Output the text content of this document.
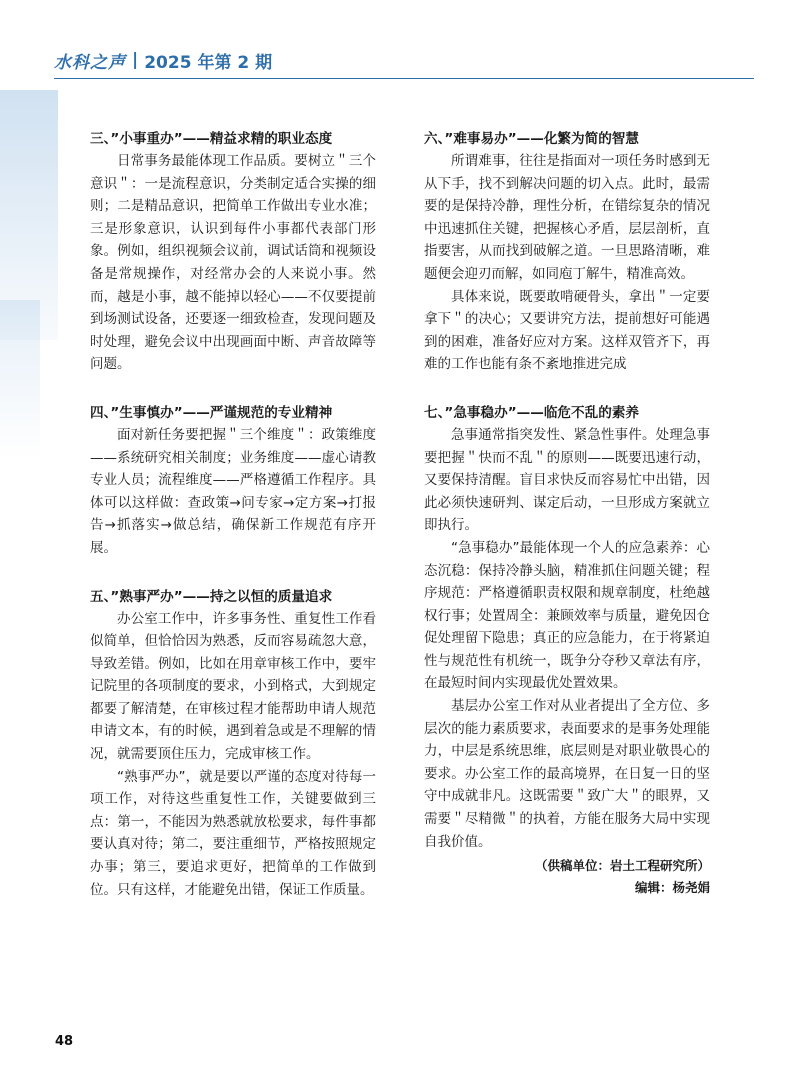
水科之声 | 2025 年第 2 期

三、”小事重办”——精益求精的职业态度

日常事务最能体现工作品质。要树立＂三个意识＂：一是流程意识，分类制定适合实操的细则；二是精品意识，把简单工作做出专业水准；三是形象意识，认识到每件小事都代表部门形象。例如，组织视频会议前，调试话筒和视频设备是常规操作，对经常办会的人来说小事。然而，越是小事，越不能掉以轻心——不仅要提前到场测试设备，还要逐一细致检查，发现问题及时处理，避免会议中出现画面中断、声音故障等问题。

四、”生事慎办”——严谨规范的专业精神

面对新任务要把握＂三个维度＂：政策维度——系统研究相关制度；业务维度——虚心请教专业人员；流程维度——严格遵循工作程序。具体可以这样做：查政策→问专家→定方案→打报告→抓落实→做总结，确保新工作规范有序开展。

五、”熟事严办”——持之以恒的质量追求

办公室工作中，许多事务性、重复性工作看似简单，但恰恰因为熟悉，反而容易疏忽大意，导致差错。例如，比如在用章审核工作中，要牢记院里的各项制度的要求，小到格式，大到规定都要了解清楚，在审核过程才能帮助申请人规范申请文本，有的时候，遇到着急或是不理解的情况，就需要顶住压力，完成审核工作。

“熟事严办”，就是要以严谨的态度对待每一项工作，对待这些重复性工作，关键要做到三点：第一，不能因为熟悉就放松要求，每件事都要认真对待；第二，要注重细节，严格按照规定办事；第三，要追求更好，把简单的工作做到位。只有这样，才能避免出错，保证工作质量。

六、”难事易办”——化繁为简的智慧

所谓难事，往往是指面对一项任务时感到无从下手，找不到解决问题的切入点。此时，最需要的是保持冷静，理性分析，在错综复杂的情况中迅速抓住关键，把握核心矛盾，层层剖析，直指要害，从而找到破解之道。一旦思路清晰，难题便会迎刃而解，如同庖丁解牛，精准高效。

具体来说，既要敢啃硬骨头，拿出＂一定要拿下＂的决心；又要讲究方法，提前想好可能遇到的困难，准备好应对方案。这样双管齐下，再难的工作也能有条不紊地推进完成

七、”急事稳办”——临危不乱的素养

急事通常指突发性、紧急性事件。处理急事要把握＂快而不乱＂的原则——既要迅速行动，又要保持清醒。盲目求快反而容易忙中出错，因此必须快速研判、谋定后动，一旦形成方案就立即执行。

“急事稳办”最能体现一个人的应急素养：心态沉稳：保持冷静头脑，精准抓住问题关键；程序规范：严格遵循职责权限和规章制度，杜绝越权行事；处置周全：兼顾效率与质量，避免因仓促处理留下隐患；真正的应急能力，在于将紧迫性与规范性有机统一，既争分夺秒又章法有序，在最短时间内实现最优处置效果。

基层办公室工作对从业者提出了全方位、多层次的能力素质要求，表面要求的是事务处理能力，中层是系统思维，底层则是对职业敬畏心的要求。办公室工作的最高境界，在日复一日的坚守中成就非凡。这既需要＂致广大＂的眼界，又需要＂尽精微＂的执着，方能在服务大局中实现自我价值。

（供稿单位：岩土工程研究所）

编辑：杨尧娟

48
